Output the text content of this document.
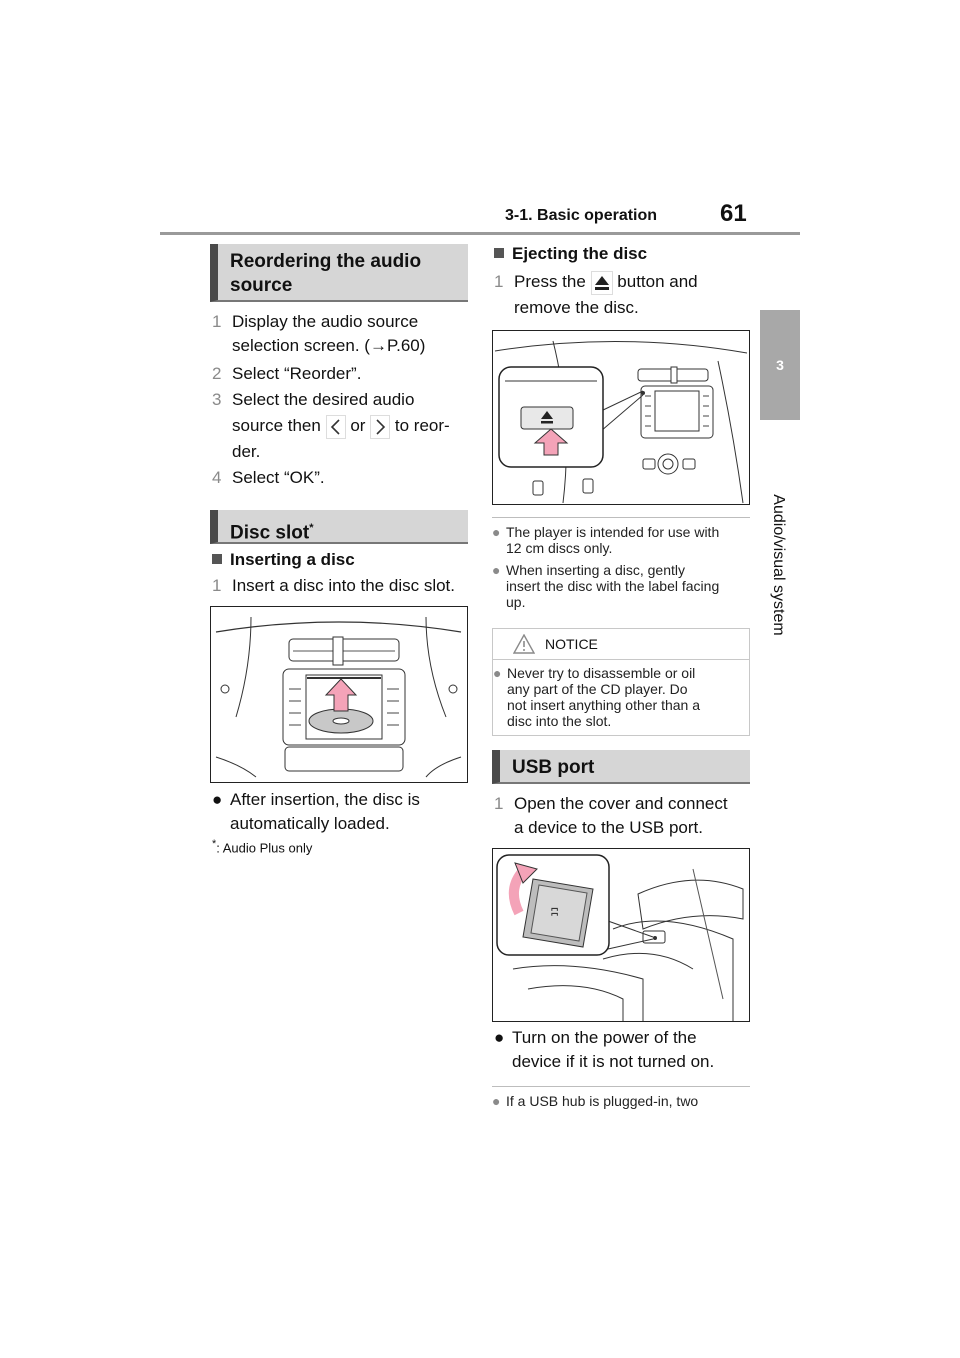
3-1. Basic operation	61
3
Audio/visual system
Reordering the audio
source
1 Display the audio source
selection screen. (→P.60)
2 Select “Reorder”.
3 Select the desired audio
source then or to reor-
der.
4 Select “OK”.
Disc slot*
Inserting a disc
1 Insert a disc into the disc slot.
● After insertion, the disc is
automatically loaded.
*: Audio Plus only
Ejecting the disc
1 Press the button and
remove the disc.
● The player is intended for use with
12 cm discs only.
● When inserting a disc, gently
insert the disc with the label facing
up.
NOTICE
● Never try to disassemble or oil
any part of the CD player. Do
not insert anything other than a
disc into the slot.
USB port
1 Open the cover and connect
a device to the USB port.
ʭ
● Turn on the power of the
device if it is not turned on.
● If a USB hub is plugged-in, two
